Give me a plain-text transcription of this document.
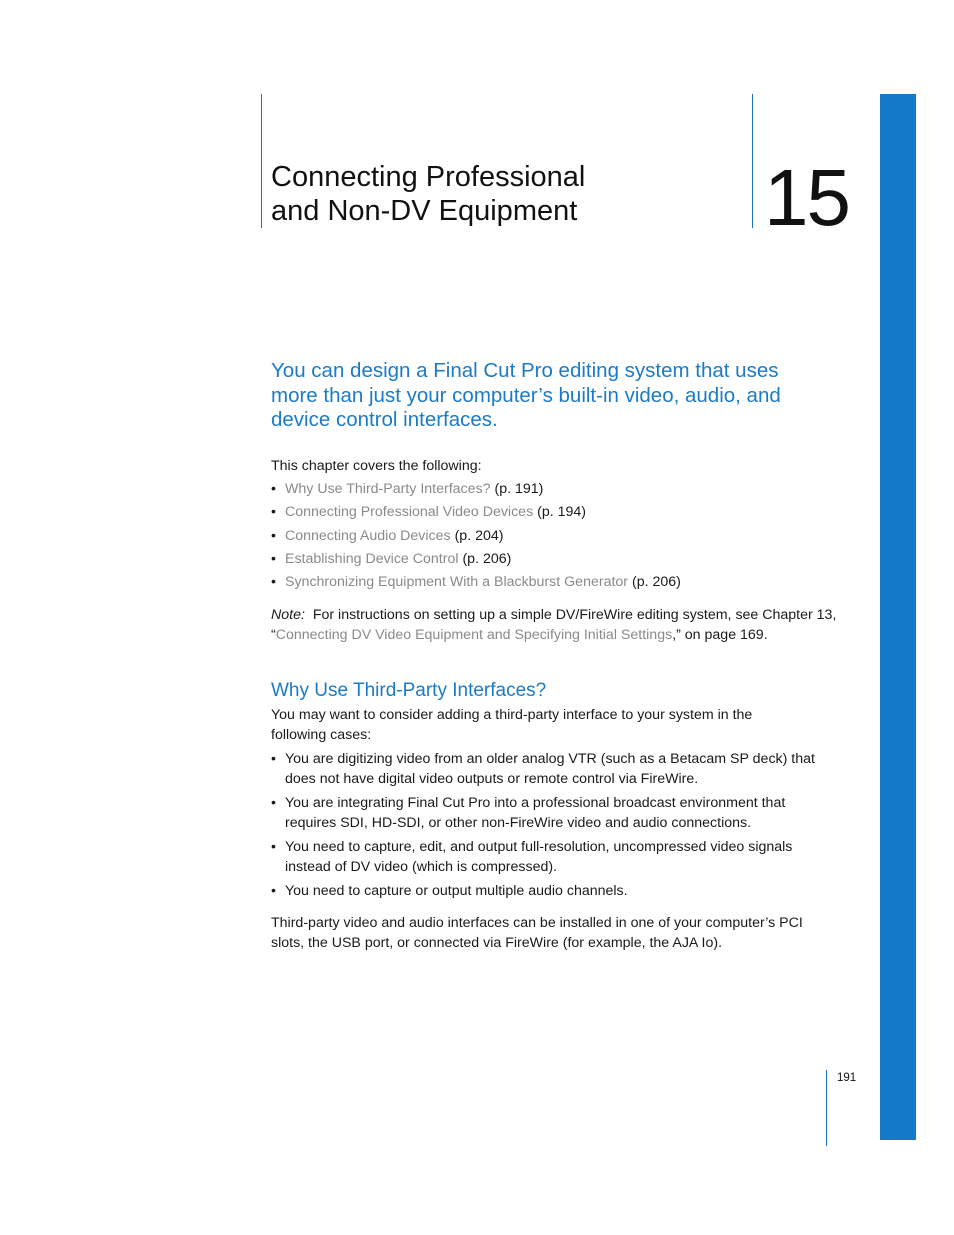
Connecting Professional
and Non-DV Equipment 15
You can design a Final Cut Pro editing system that uses
more than just your computer’s built-in video, audio, and
device control interfaces.

This chapter covers the following:

• Why Use Third-Party Interfaces? (p. 191)
• Connecting Professional Video Devices (p. 194)
• Connecting Audio Devices (p. 204)
• Establishing Device Control (p. 206)
• Synchronizing Equipment With a Blackburst Generator (p. 206)
Note: For instructions on setting up a simple DV/FireWire editing system, see Chapter 13,
“Connecting DV Video Equipment and Specifying Initial Settings,” on page 169.
Why Use Third-Party Interfaces?
You may want to consider adding a third-party interface to your system in the
following cases:
• You are digitizing video from an older analog VTR (such as a Betacam SP deck) that
does not have digital video outputs or remote control via FireWire.
• You are integrating Final Cut Pro into a professional broadcast environment that
requires SDI, HD-SDI, or other non-FireWire video and audio connections.
• You need to capture, edit, and output full-resolution, uncompressed video signals
instead of DV video (which is compressed).
• You need to capture or output multiple audio channels.
Third-party video and audio interfaces can be installed in one of your computer’s PCI
slots, the USB port, or connected via FireWire (for example, the AJA Io).
191
